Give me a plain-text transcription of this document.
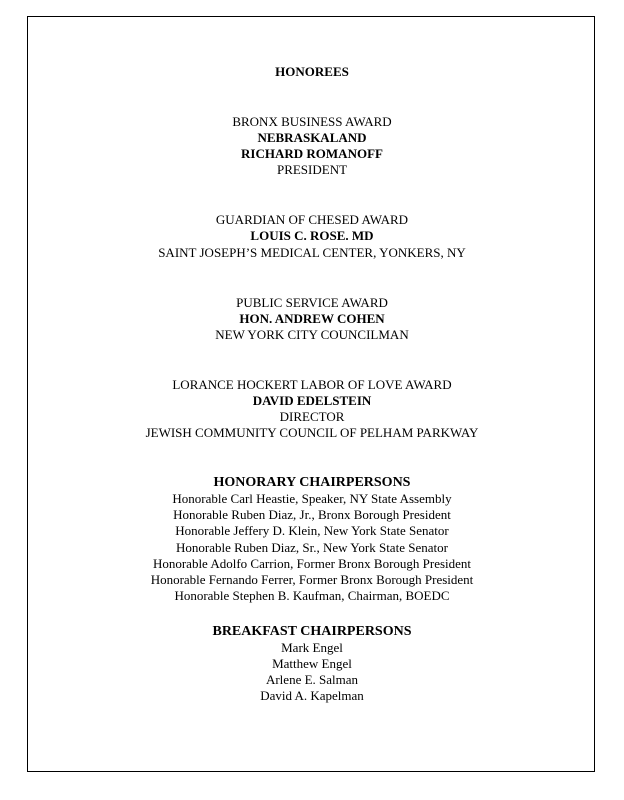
HONOREES
BRONX BUSINESS AWARD
NEBRASKALAND
RICHARD ROMANOFF
PRESIDENT
GUARDIAN OF CHESED AWARD
LOUIS C. ROSE. MD
SAINT JOSEPH’S MEDICAL CENTER, YONKERS, NY
PUBLIC SERVICE AWARD
HON. ANDREW COHEN
NEW YORK CITY COUNCILMAN
LORANCE HOCKERT LABOR OF LOVE AWARD
DAVID EDELSTEIN
DIRECTOR
JEWISH COMMUNITY COUNCIL OF PELHAM PARKWAY
HONORARY CHAIRPERSONS
Honorable Carl Heastie, Speaker, NY State Assembly
Honorable Ruben Diaz, Jr., Bronx Borough President
Honorable Jeffery D. Klein, New York State Senator
Honorable Ruben Diaz, Sr., New York State Senator
Honorable Adolfo Carrion, Former Bronx Borough President
Honorable Fernando Ferrer, Former Bronx Borough President
Honorable Stephen B. Kaufman, Chairman, BOEDC
BREAKFAST CHAIRPERSONS
Mark Engel
Matthew Engel
Arlene E. Salman
David A. Kapelman
